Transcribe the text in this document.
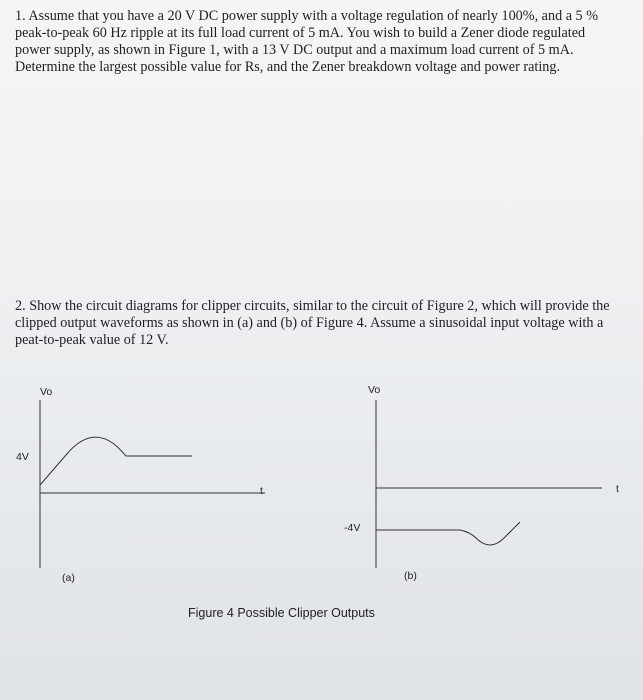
1. Assume that you have a 20 V DC power supply with a voltage regulation of nearly 100%, and a 5 % peak-to-peak 60 Hz ripple at its full load current of 5 mA. You wish to build a Zener diode regulated power supply, as shown in Figure 1, with a 13 V DC output and a maximum load current of 5 mA. Determine the largest possible value for Rs, and the Zener breakdown voltage and power rating.

2. Show the circuit diagrams for clipper circuits, similar to the circuit of Figure 2, which will provide the clipped output waveforms as shown in (a) and (b) of Figure 4. Assume a sinusoidal input voltage with a peat-to-peak value of 12 V.

Vo
4V
t
(a)
Vo
-4V
t
(b)
Figure 4 Possible Clipper Outputs
